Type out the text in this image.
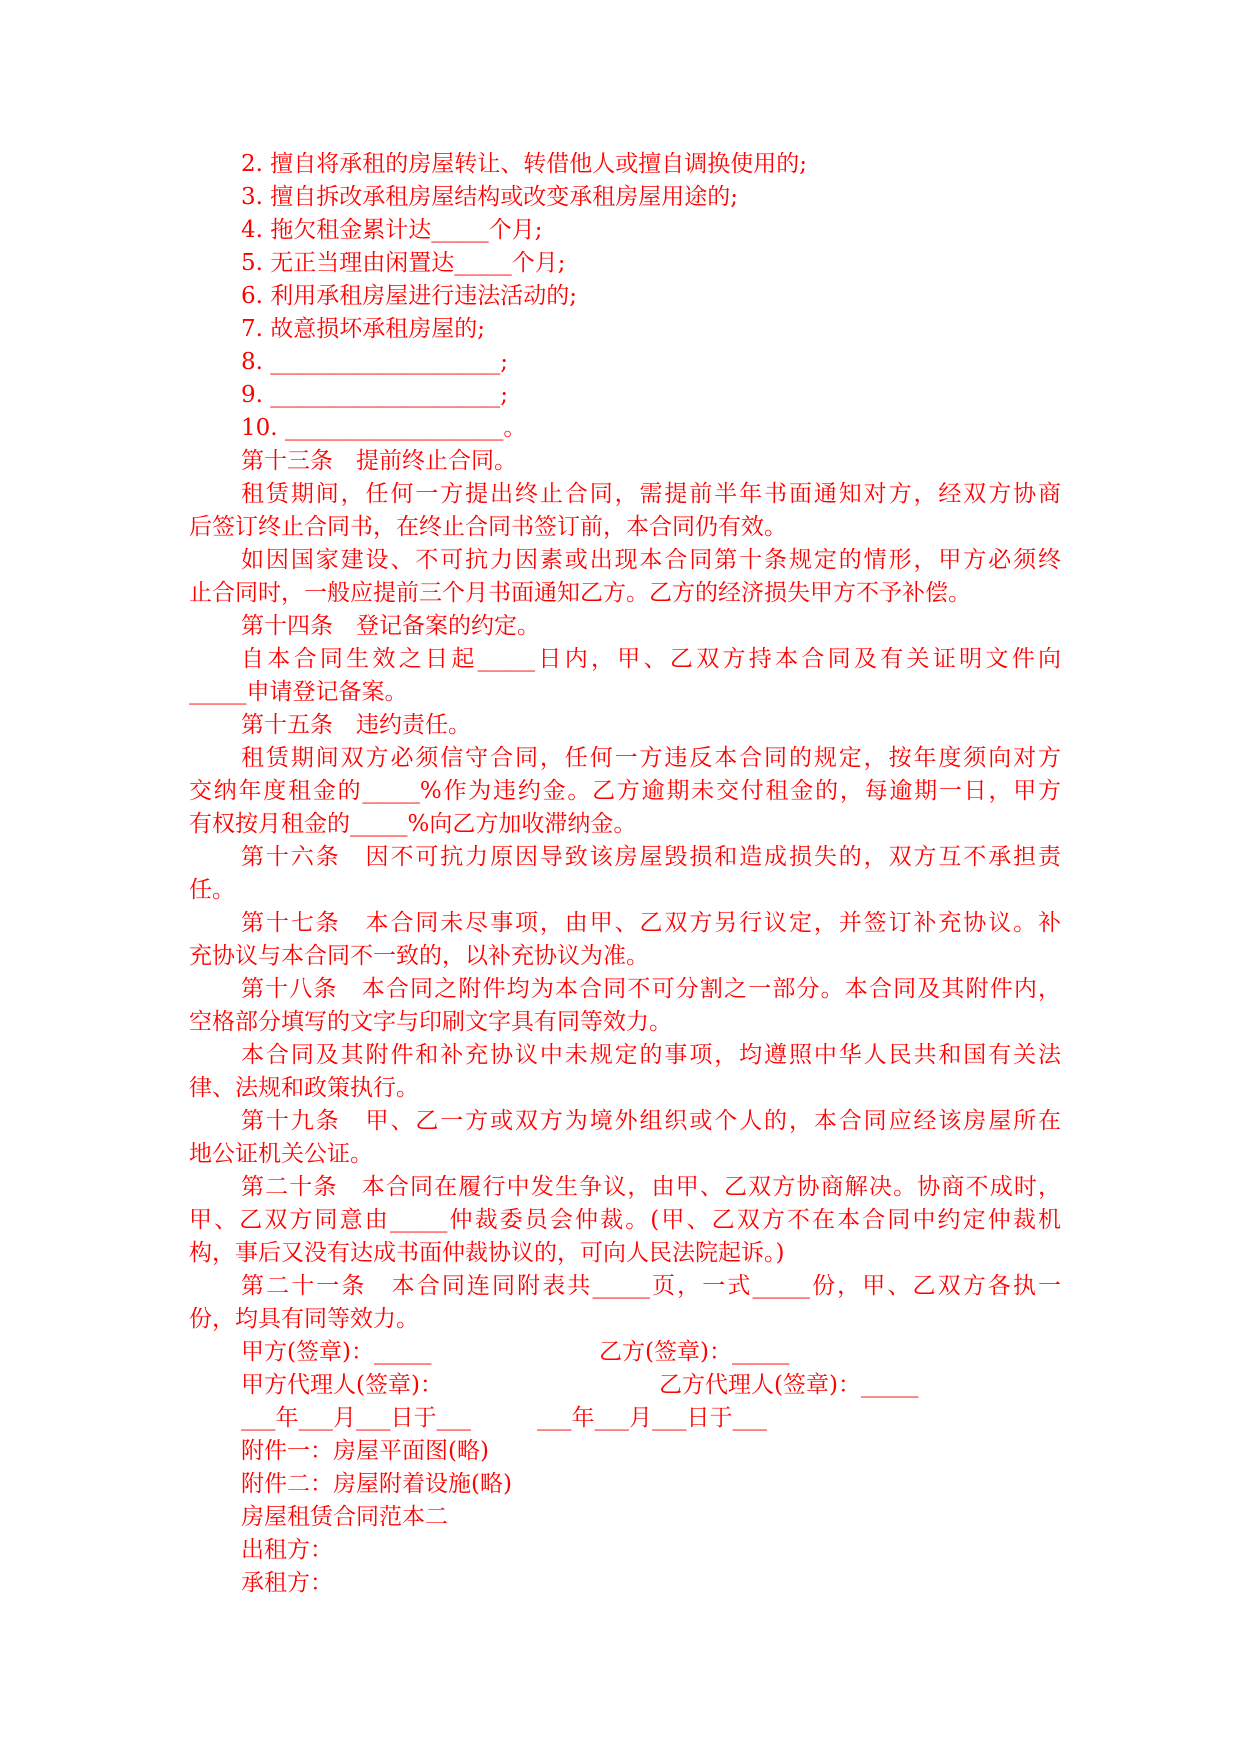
2. 擅自将承租的房屋转让、转借他人或擅自调换使用的;
3. 擅自拆改承租房屋结构或改变承租房屋用途的;
4. 拖欠租金累计达_____个月;
5. 无正当理由闲置达_____个月;
6. 利用承租房屋进行违法活动的;
7. 故意损坏承租房屋的;
8. ____________________;
9. ____________________;
10. ___________________。
第十三条　提前终止合同。
租赁期间，任何一方提出终止合同，需提前半年书面通知对方，经双方协商
后签订终止合同书，在终止合同书签订前，本合同仍有效。
如因国家建设、不可抗力因素或出现本合同第十条规定的情形，甲方必须终
止合同时，一般应提前三个月书面通知乙方。乙方的经济损失甲方不予补偿。
第十四条　登记备案的约定。
自本合同生效之日起_____日内，甲、乙双方持本合同及有关证明文件向
_____申请登记备案。
第十五条　违约责任。
租赁期间双方必须信守合同，任何一方违反本合同的规定，按年度须向对方
交纳年度租金的_____%作为违约金。乙方逾期未交付租金的，每逾期一日，甲方
有权按月租金的_____%向乙方加收滞纳金。
第十六条　因不可抗力原因导致该房屋毁损和造成损失的，双方互不承担责
任。
第十七条　本合同未尽事项，由甲、乙双方另行议定，并签订补充协议。补
充协议与本合同不一致的，以补充协议为准。
第十八条　本合同之附件均为本合同不可分割之一部分。本合同及其附件内，
空格部分填写的文字与印刷文字具有同等效力。
本合同及其附件和补充协议中未规定的事项，均遵照中华人民共和国有关法
律、法规和政策执行。
第十九条　甲、乙一方或双方为境外组织或个人的，本合同应经该房屋所在
地公证机关公证。
第二十条　本合同在履行中发生争议，由甲、乙双方协商解决。协商不成时，
甲、乙双方同意由_____仲裁委员会仲裁。(甲、乙双方不在本合同中约定仲裁机
构，事后又没有达成书面仲裁协议的，可向人民法院起诉。)
第二十一条　本合同连同附表共_____页，一式_____份，甲、乙双方各执一
份，均具有同等效力。

甲方(签章)：_____

	乙方(签章)：_____

甲方代理人(签章)：

	乙方代理人(签章)：_____

___年___月___日于___

	___年___月___日于___

附件一：房屋平面图(略)
附件二：房屋附着设施(略)
房屋租赁合同范本二
出租方：
承租方：
